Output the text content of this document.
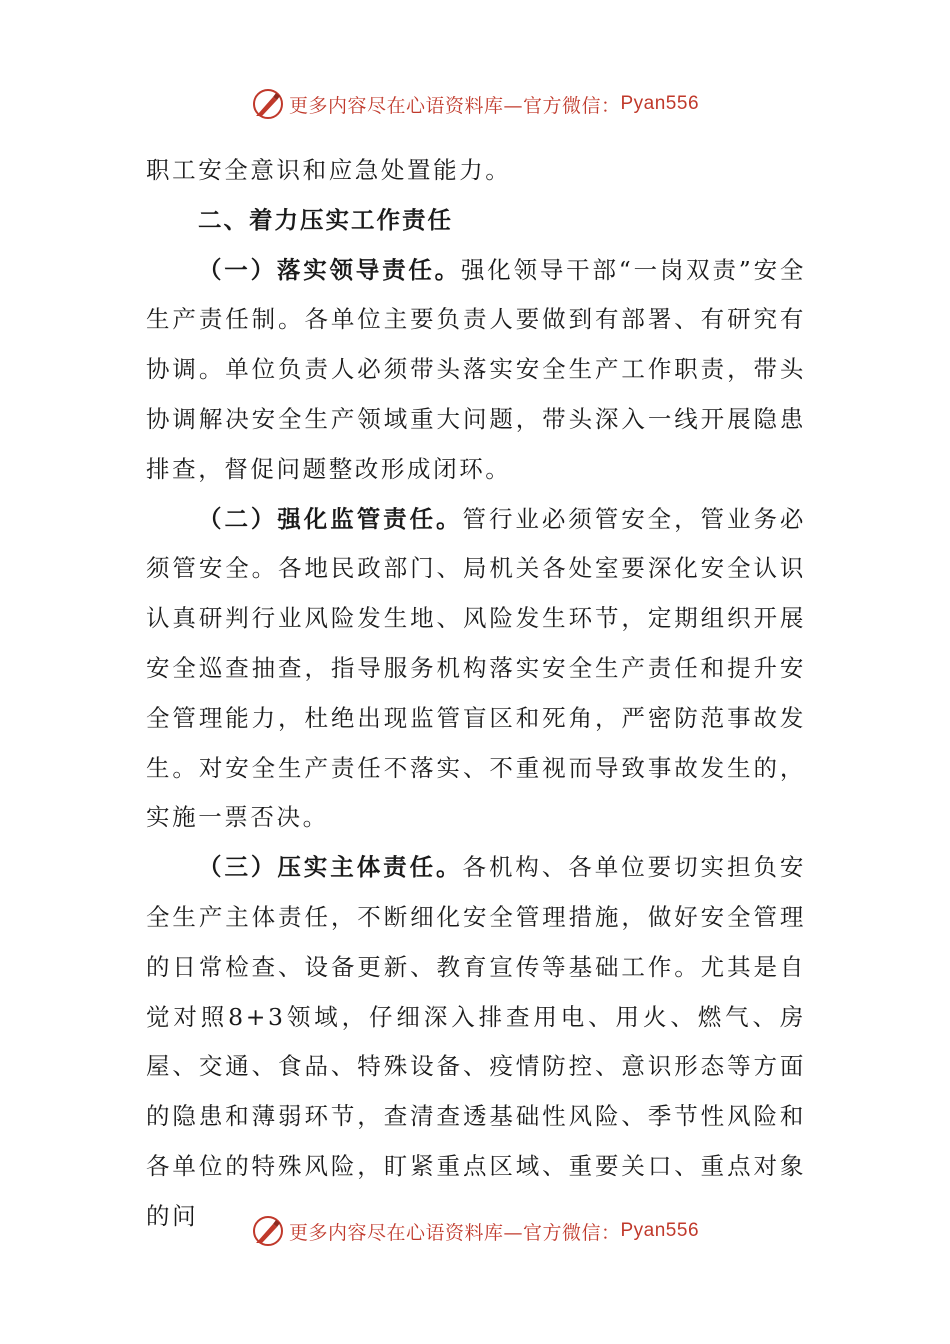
更多内容尽在心语资料库—官方微信： Pyan556

职工安全意识和应急处置能力。

二、着力压实工作责任

（一）落实领导责任。强化领导干部“一岗双责”安全生产责任制。各单位主要负责人要做到有部署、有研究有协调。单位负责人必须带头落实安全生产工作职责，带头协调解决安全生产领域重大问题，带头深入一线开展隐患排查，督促问题整改形成闭环。

（二）强化监管责任。管行业必须管安全，管业务必须管安全。各地民政部门、局机关各处室要深化安全认识认真研判行业风险发生地、风险发生环节，定期组织开展安全巡查抽查，指导服务机构落实安全生产责任和提升安全管理能力，杜绝出现监管盲区和死角，严密防范事故发生。对安全生产责任不落实、不重视而导致事故发生的，实施一票否决。

（三）压实主体责任。各机构、各单位要切实担负安全生产主体责任，不断细化安全管理措施，做好安全管理的日常检查、设备更新、教育宣传等基础工作。尤其是自觉对照8+3领域，仔细深入排查用电、用火、燃气、房屋、交通、食品、特殊设备、疫情防控、意识形态等方面的隐患和薄弱环节，查清查透基础性风险、季节性风险和各单位的特殊风险，盯紧重点区域、重要关口、重点对象的问

更多内容尽在心语资料库—官方微信： Pyan556
